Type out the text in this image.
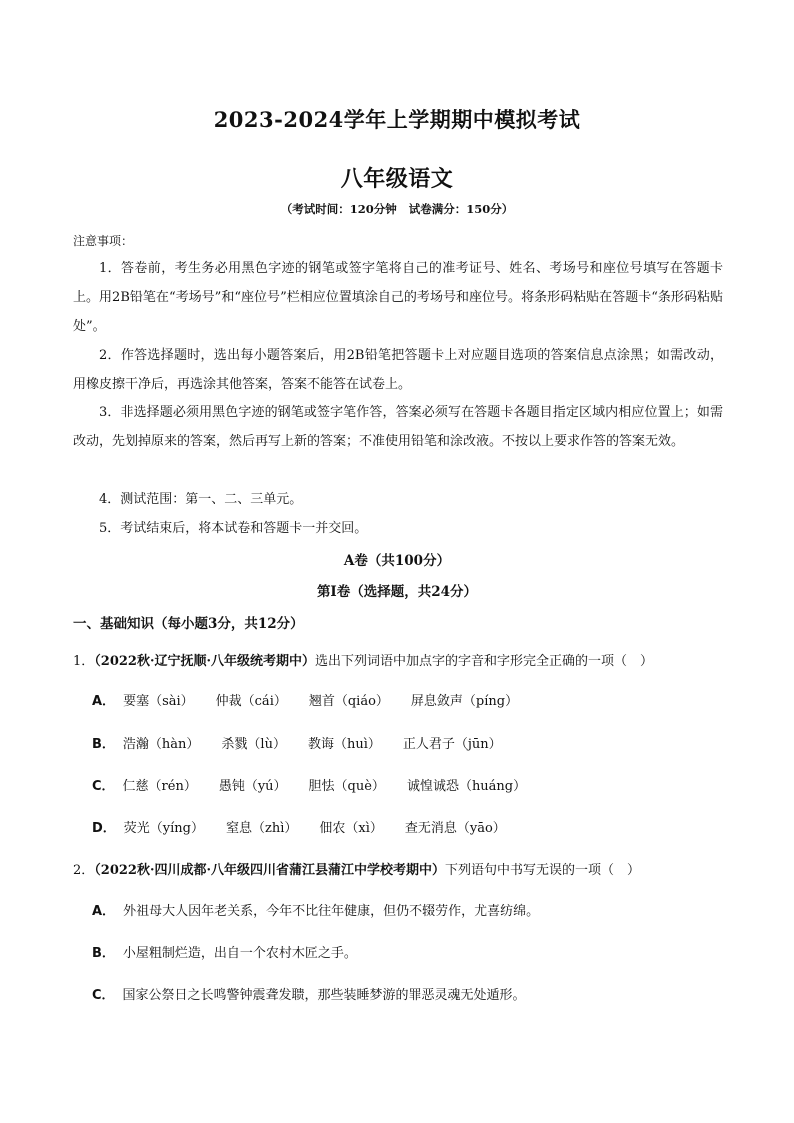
2023-2024学年上学期期中模拟考试
八年级语文
（考试时间：120分钟 试卷满分：150分）
注意事项：
1．答卷前，考生务必用黑色字迹的钢笔或签字笔将自己的准考证号、姓名、考场号和座位号填写在答题卡上。用2B铅笔在“考场号”和“座位号”栏相应位置填涂自己的考场号和座位号。将条形码粘贴在答题卡“条形码粘贴处”。
2．作答选择题时，选出每小题答案后，用2B铅笔把答题卡上对应题目选项的答案信息点涂黑；如需改动，用橡皮擦干净后，再选涂其他答案，答案不能答在试卷上。
3．非选择题必须用黑色字迹的钢笔或签字笔作答，答案必须写在答题卡各题目指定区域内相应位置上；如需改动，先划掉原来的答案，然后再写上新的答案；不准使用铅笔和涂改液。不按以上要求作答的答案无效。
4．测试范围：第一、二、三单元。
5．考试结束后，将本试卷和答题卡一并交回。
A卷（共100分）
第I卷（选择题，共24分）
一、基础知识（每小题3分，共12分）
1．（2022秋·辽宁抚顺·八年级统考期中）选出下列词语中加点字的字音和字形完全正确的一项（　）
A． 要塞（sài） 仲裁（cái） 翘首（qiáo） 屏息敛声（píng）
B． 浩瀚（hàn） 杀戮（lù） 教诲（huì） 正人君子（jūn）
C． 仁慈（rén） 愚钝（yú） 胆怯（què） 诚惶诚恐（huáng）
D． 荧光（yíng） 窒息（zhì） 佃农（xì） 查无消息（yāo）
2．（2022秋·四川成都·八年级四川省蒲江县蒲江中学校考期中）下列语句中书写无误的一项（　）
A． 外祖母大人因年老关系，今年不比往年健康，但仍不辍劳作，尤喜纺绵。
B． 小屋粗制烂造，出自一个农村木匠之手。
C． 国家公祭日之长鸣警钟震聋发聩，那些装睡梦游的罪恶灵魂无处遁形。
